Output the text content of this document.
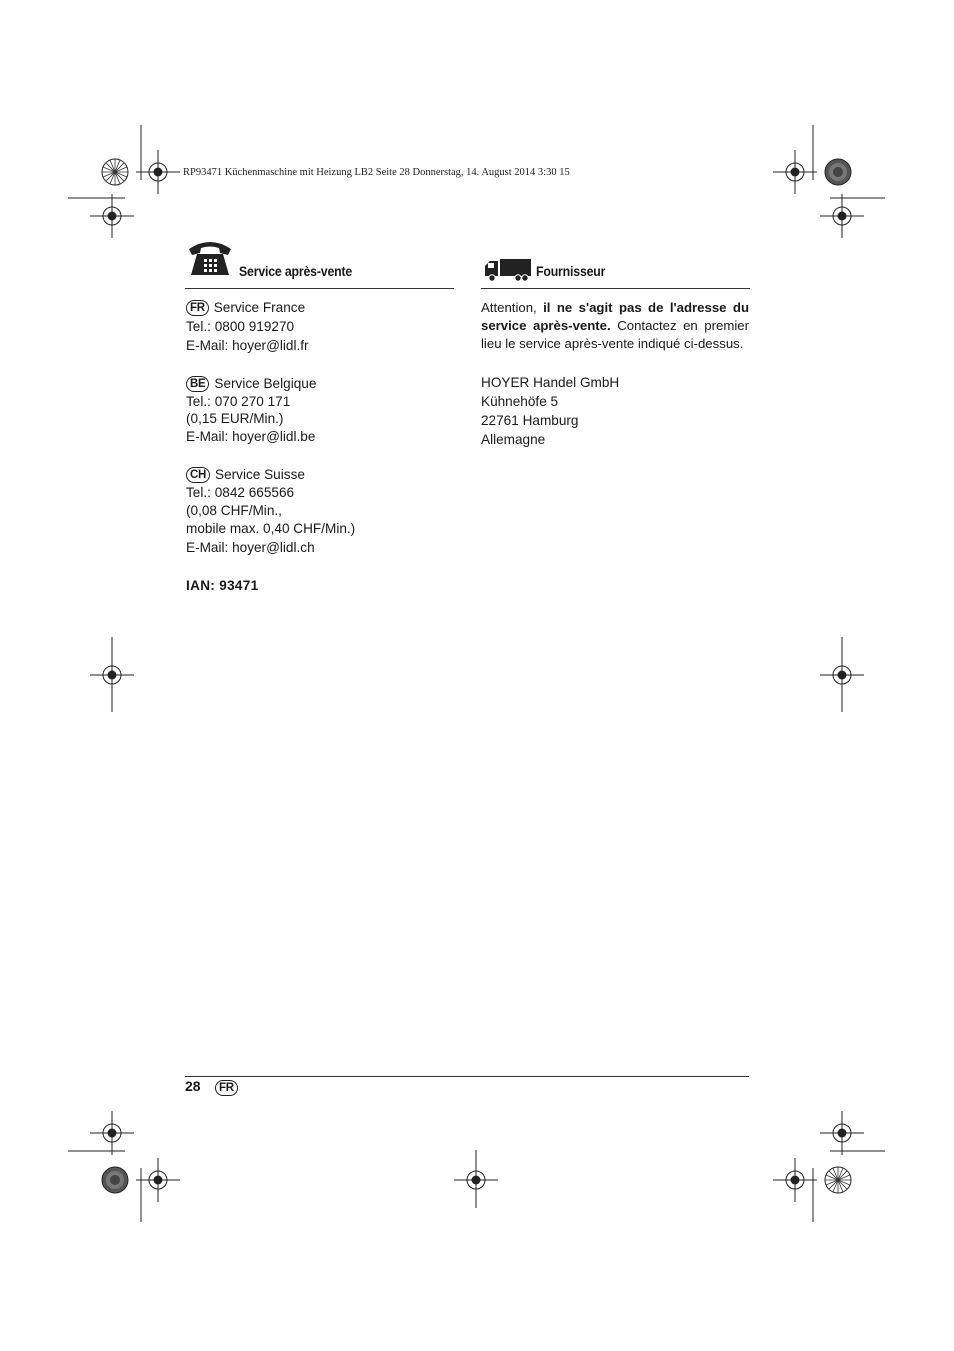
RP93471 Küchenmaschine mit Heizung LB2 Seite 28 Donnerstag, 14. August 2014 3:30 15
Service après-vente	Fournisseur
FR Service France
Tel.: 0800 919270
E-Mail: hoyer@lidl.fr
BE Service Belgique
Tel.: 070 270 171
(0,15 EUR/Min.)
E-Mail: hoyer@lidl.be
CH Service Suisse
Tel.: 0842 665566
(0,08 CHF/Min.,
mobile max. 0,40 CHF/Min.)
E-Mail: hoyer@lidl.ch
IAN: 93471
Attention, il ne s'agit pas de l'adresse du service après-vente. Contactez en premier lieu le service après-vente indiqué ci-dessus.
HOYER Handel GmbH
Kühnehöfe 5
22761 Hamburg
Allemagne
28	FR
